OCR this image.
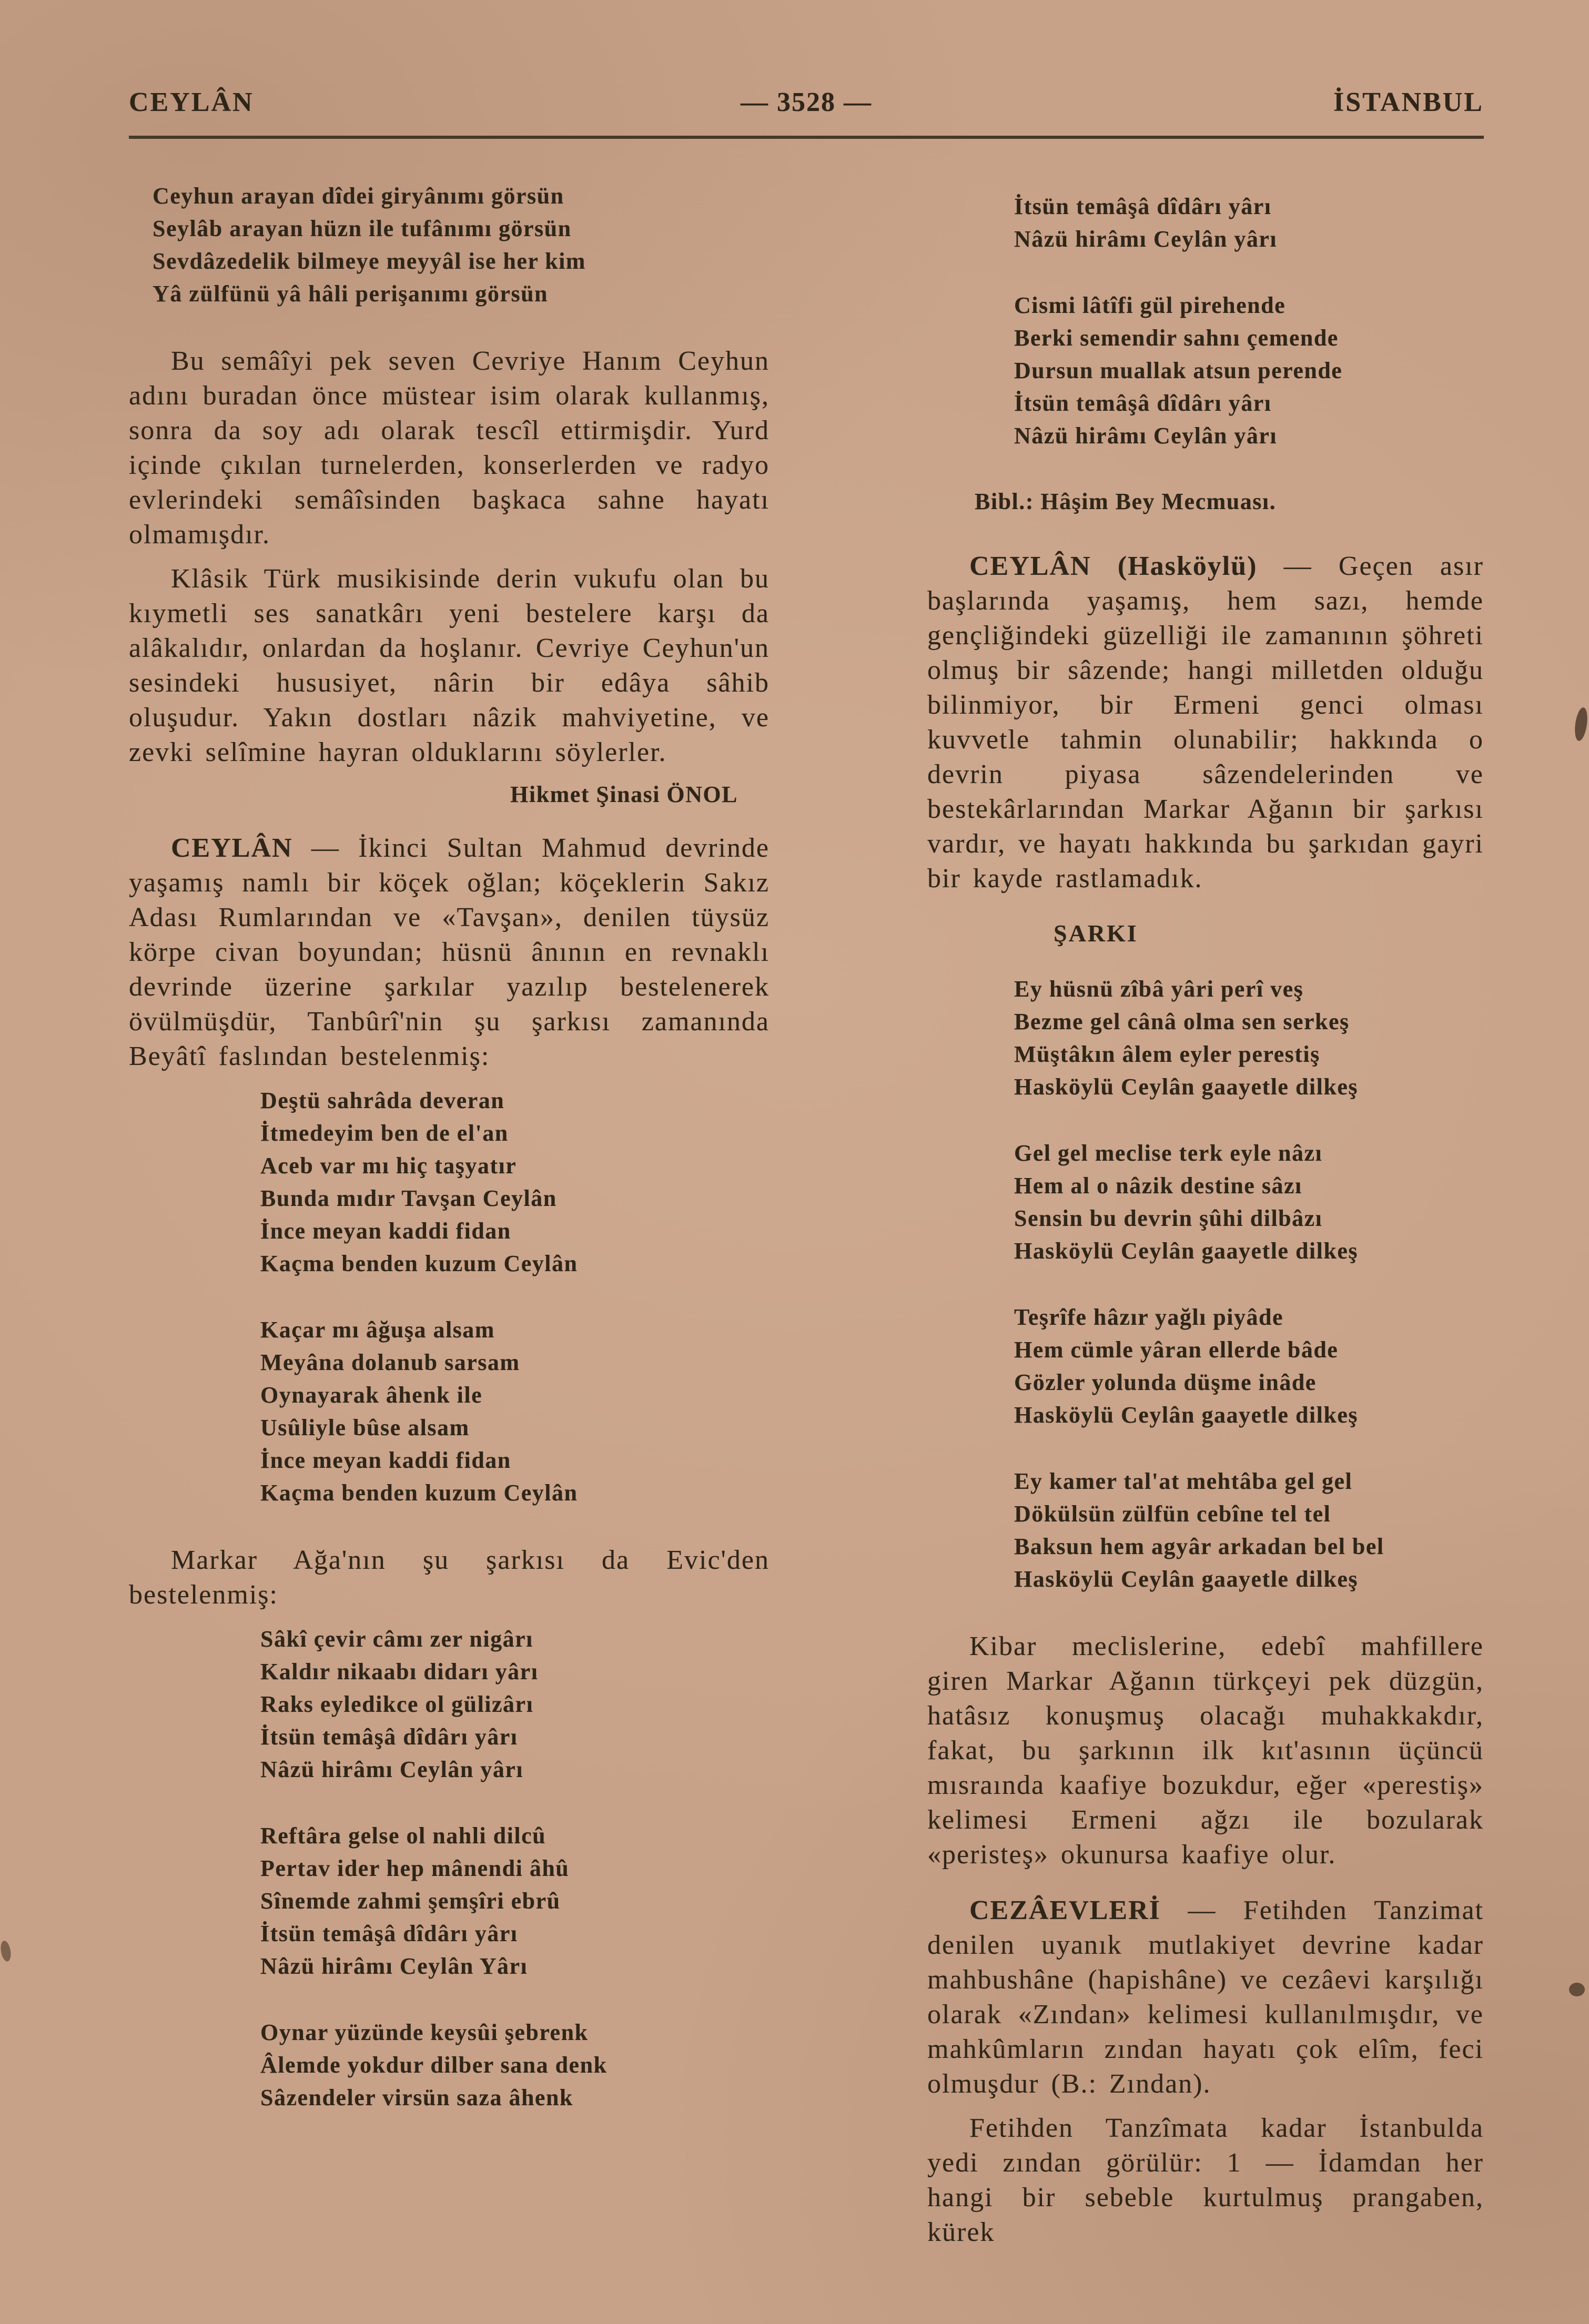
CEYLÂN	— 3528 —	İSTANBUL
Ceyhun arayan dîdei giryânımı görsün
Seylâb arayan hüzn ile tufânımı görsün
Sevdâzedelik bilmeye meyyâl ise her kim
Yâ zülfünü yâ hâli perişanımı görsün

Bu semâîyi pek seven Cevriye Hanım Ceyhun adını buradan önce müstear isim olarak kullanmış, sonra da soy adı olarak tescîl ettirmişdir. Yurd içinde çıkılan turnelerden, konserlerden ve radyo evlerindeki semâîsinden başkaca sahne hayatı olmamışdır.

Klâsik Türk musikisinde derin vukufu olan bu kıymetli ses sanatkârı yeni bestelere karşı da alâkalıdır, onlardan da hoşlanır. Cevriye Ceyhun'un sesindeki hususiyet, nârin bir edâya sâhib oluşudur. Yakın dostları nâzik mahviyetine, ve zevki selîmine hayran olduklarını söylerler.

Hikmet Şinasi ÖNOL

CEYLÂN — İkinci Sultan Mahmud devrinde yaşamış namlı bir köçek oğlan; köçeklerin Sakız Adası Rumlarından ve «Tavşan», denilen tüysüz körpe civan boyundan; hüsnü ânının en revnaklı devrinde üzerine şarkılar yazılıp bestelenerek övülmüşdür, Tanbûrî'nin şu şarkısı zamanında Beyâtî faslından bestelenmiş:

Deştü sahrâda deveran
İtmedeyim ben de el'an
Aceb var mı hiç taşyatır
Bunda mıdır Tavşan Ceylân
İnce meyan kaddi fidan
Kaçma benden kuzum Ceylân
Kaçar mı âğuşa alsam
Meyâna dolanub sarsam
Oynayarak âhenk ile
Usûliyle bûse alsam
İnce meyan kaddi fidan
Kaçma benden kuzum Ceylân

Markar Ağa'nın şu şarkısı da Evic'den bestelenmiş:

Sâkî çevir câmı zer nigârı
Kaldır nikaabı didarı yârı
Raks eyledikce ol gülizârı
İtsün temâşâ dîdârı yârı
Nâzü hirâmı Ceylân yârı
Reftâra gelse ol nahli dilcû
Pertav ider hep mânendi âhû
Sînemde zahmi şemşîri ebrû
İtsün temâşâ dîdârı yârı
Nâzü hirâmı Ceylân Yârı
Oynar yüzünde keysûi şebrenk
Âlemde yokdur dilber sana denk
Sâzendeler virsün saza âhenk
İtsün temâşâ dîdârı yârı
Nâzü hirâmı Ceylân yârı
Cismi lâtîfi gül pirehende
Berki semendir sahnı çemende
Dursun muallak atsun perende
İtsün temâşâ dîdârı yârı
Nâzü hirâmı Ceylân yârı
Bibl.: Hâşim Bey Mecmuası.

CEYLÂN (Hasköylü) — Geçen asır başlarında yaşamış, hem sazı, hemde gençliğindeki güzelliği ile zamanının şöhreti olmuş bir sâzende; hangi milletden olduğu bilinmiyor, bir Ermeni genci olması kuvvetle tahmin olunabilir; hakkında o devrin piyasa sâzendelerinden ve bestekârlarından Markar Ağanın bir şarkısı vardır, ve hayatı hakkında bu şarkıdan gayri bir kayde rastlamadık.

ŞARKI
Ey hüsnü zîbâ yâri perî veş
Bezme gel cânâ olma sen serkeş
Müştâkın âlem eyler perestiş
Hasköylü Ceylân gaayetle dilkeş
Gel gel meclise terk eyle nâzı
Hem al o nâzik destine sâzı
Sensin bu devrin şûhi dilbâzı
Hasköylü Ceylân gaayetle dilkeş
Teşrîfe hâzır yağlı piyâde
Hem cümle yâran ellerde bâde
Gözler yolunda düşme inâde
Hasköylü Ceylân gaayetle dilkeş
Ey kamer tal'at mehtâba gel gel
Dökülsün zülfün cebîne tel tel
Baksun hem agyâr arkadan bel bel
Hasköylü Ceylân gaayetle dilkeş

Kibar meclislerine, edebî mahfillere giren Markar Ağanın türkçeyi pek düzgün, hatâsız konuşmuş olacağı muhakkakdır, fakat, bu şarkının ilk kıt'asının üçüncü mısraında kaafiye bozukdur, eğer «perestiş» kelimesi Ermeni ağzı ile bozularak «peristeş» okunursa kaafiye olur.

CEZÂEVLERİ — Fetihden Tanzimat denilen uyanık mutlakiyet devrine kadar mahbushâne (hapishâne) ve cezâevi karşılığı olarak «Zından» kelimesi kullanılmışdır, ve mahkûmların zından hayatı çok elîm, feci olmuşdur (B.: Zından).

Fetihden Tanzîmata kadar İstanbulda yedi zından görülür: 1 — İdamdan her hangi bir sebeble kurtulmuş prangaben, kürek
